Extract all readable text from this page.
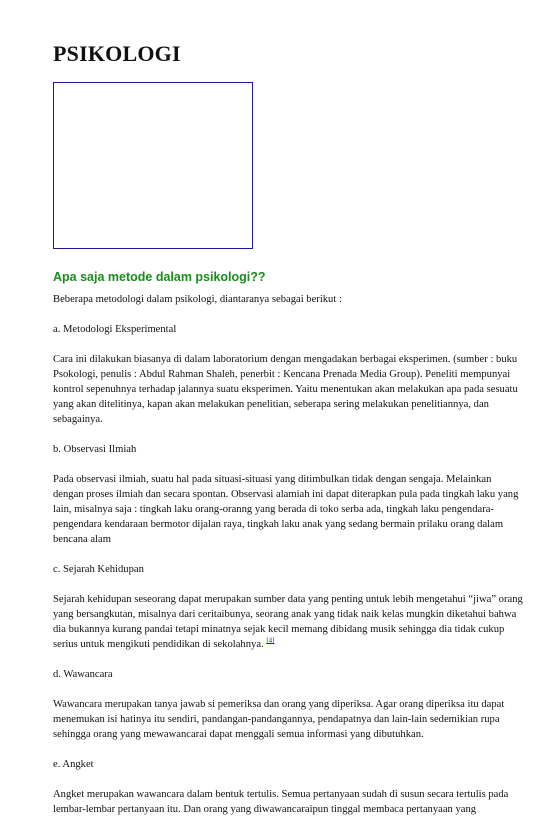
PSIKOLOGI
Apa saja metode dalam psikologi??

Beberapa metodologi dalam psikologi, diantaranya sebagai berikut :

a. Metodologi Eksperimental

Cara ini dilakukan biasanya di dalam laboratorium dengan mengadakan berbagai eksperimen. (sumber : buku Psokologi, penulis : Abdul Rahman Shaleh, penerbit : Kencana Prenada Media Group). Peneliti mempunyai kontrol sepenuhnya terhadap jalannya suatu eksperimen. Yaitu menentukan akan melakukan apa pada sesuatu yang akan ditelitinya, kapan akan melakukan penelitian, seberapa sering melakukan penelitiannya, dan sebagainya.

b. Observasi Ilmiah

Pada observasi ilmiah, suatu hal pada situasi-situasi yang ditimbulkan tidak dengan sengaja. Melainkan dengan proses ilmiah dan secara spontan. Observasi alamiah ini dapat diterapkan pula pada tingkah laku yang lain, misalnya saja : tingkah laku orang-oranng yang berada di toko serba ada, tingkah laku pengendara-pengendara kendaraan bermotor dijalan raya, tingkah laku anak yang sedang bermain prilaku orang dalam bencana alam

c. Sejarah Kehidupan

Sejarah kehidupan seseorang dapat merupakan sumber data yang penting untuk lebih mengetahui “jiwa” orang yang bersangkutan, misalnya dari ceritaibunya, seorang anak yang tidak naik kelas mungkin diketahui bahwa dia bukannya kurang pandai tetapi minatnya sejak kecil memang dibidang musik sehingga dia tidak cukup serius untuk mengikuti pendidikan di sekolahnya. [4]

d. Wawancara

Wawancara merupakan tanya jawab si pemeriksa dan orang yang diperiksa. Agar orang diperiksa itu dapat menemukan isi hatinya itu sendiri, pandangan-pandangannya, pendapatnya dan lain-lain sedemikian rupa sehingga orang yang mewawancarai dapat menggali semua informasi yang dibutuhkan.

e. Angket

Angket merupakan wawancara dalam bentuk tertulis. Semua pertanyaan sudah di susun secara tertulis pada lembar-lembar pertanyaan itu. Dan orang yang diwawancaraipun tinggal membaca pertanyaan yang
